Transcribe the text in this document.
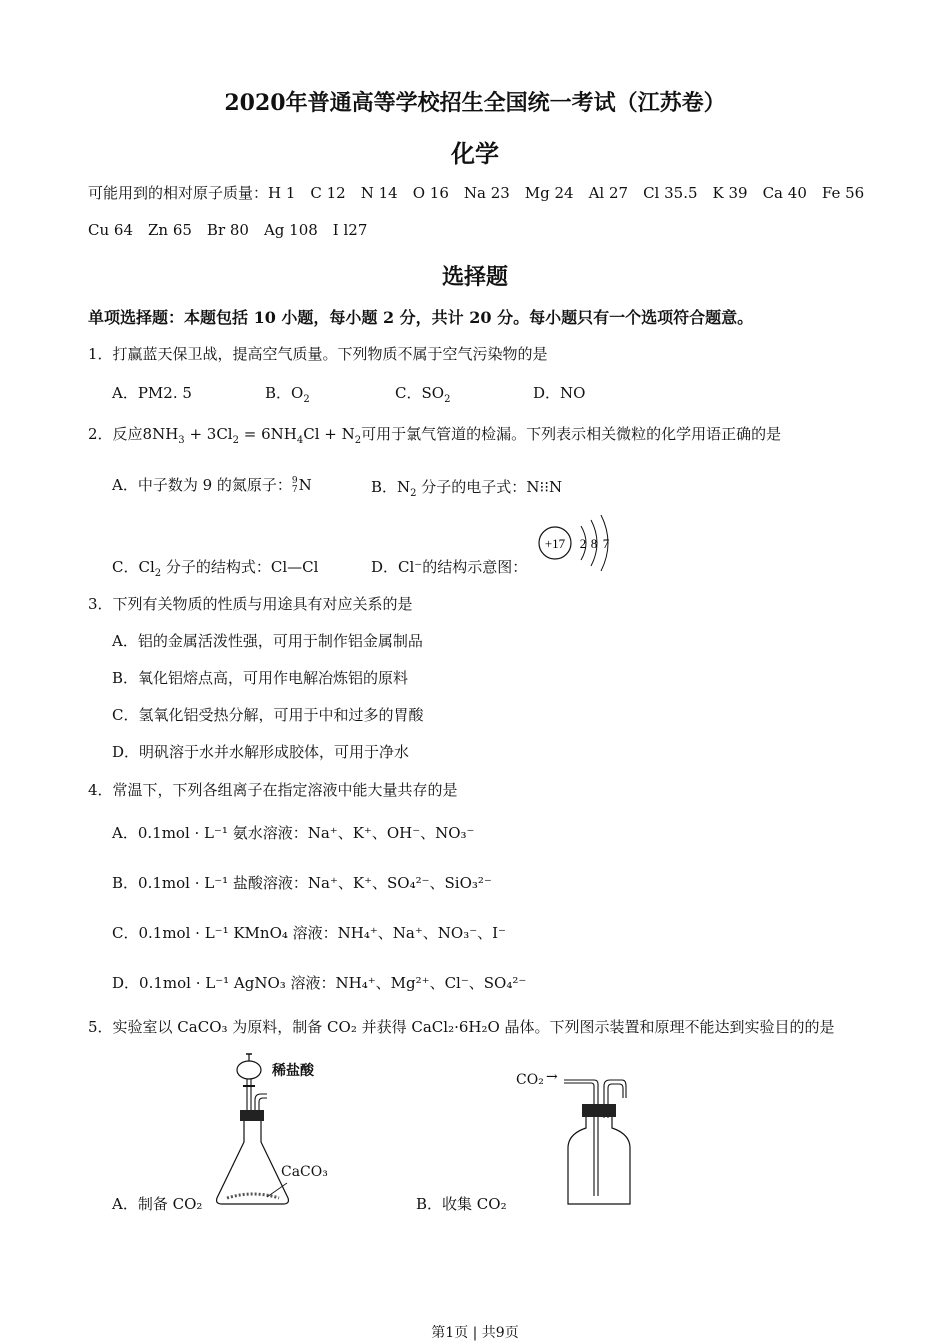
2020年普通高等学校招生全国统一考试（江苏卷）
化学
可能用到的相对原子质量：H 1　C 12　N 14　O 16　Na 23　Mg 24　Al 27　Cl 35.5　K 39　Ca 40　Fe 56
Cu 64　Zn 65　Br 80　Ag 108　I l27
选择题
单项选择题：本题包括 10 小题，每小题 2 分，共计 20 分。每小题只有一个选项符合题意。
1．打赢蓝天保卫战，提高空气质量。下列物质不属于空气污染物的是
A．PM2. 5	B．$O_2$	C．$SO_2$	D．NO
2．反应$8NH_3 + 3Cl_2 = 6NH_4Cl + N_2$可用于氯气管道的检漏。下列表示相关微粒的化学用语正确的是
A．中子数为 9 的氮原子： 9
7 N	B．$N_2$ 分子的电子式：N⁝⁝N
C．$Cl_2$ 分子的结构式：Cl—Cl	D．Cl⁻的结构示意图：
+17 2 8 7
3．下列有关物质的性质与用途具有对应关系的是
A．铝的金属活泼性强，可用于制作铝金属制品
B．氧化铝熔点高，可用作电解冶炼铝的原料
C．氢氧化铝受热分解，可用于中和过多的胃酸
D．明矾溶于水并水解形成胶体，可用于净水
4．常温下，下列各组离子在指定溶液中能大量共存的是
A．0.1mol · L⁻¹ 氨水溶液：Na⁺、K⁺、OH⁻、NO₃⁻
B．0.1mol · L⁻¹ 盐酸溶液：Na⁺、K⁺、SO₄²⁻、SiO₃²⁻
C．0.1mol · L⁻¹ KMnO₄ 溶液：NH₄⁺、Na⁺、NO₃⁻、I⁻
D．0.1mol · L⁻¹ AgNO₃ 溶液：NH₄⁺、Mg²⁺、Cl⁻、SO₄²⁻
5．实验室以 CaCO₃ 为原料，制备 CO₂ 并获得 CaCl₂·6H₂O 晶体。下列图示装置和原理不能达到实验目的的是
稀盐酸
CaCO₃
A．制备 CO₂
CO₂ →
B．收集 CO₂
第1页 | 共9页
